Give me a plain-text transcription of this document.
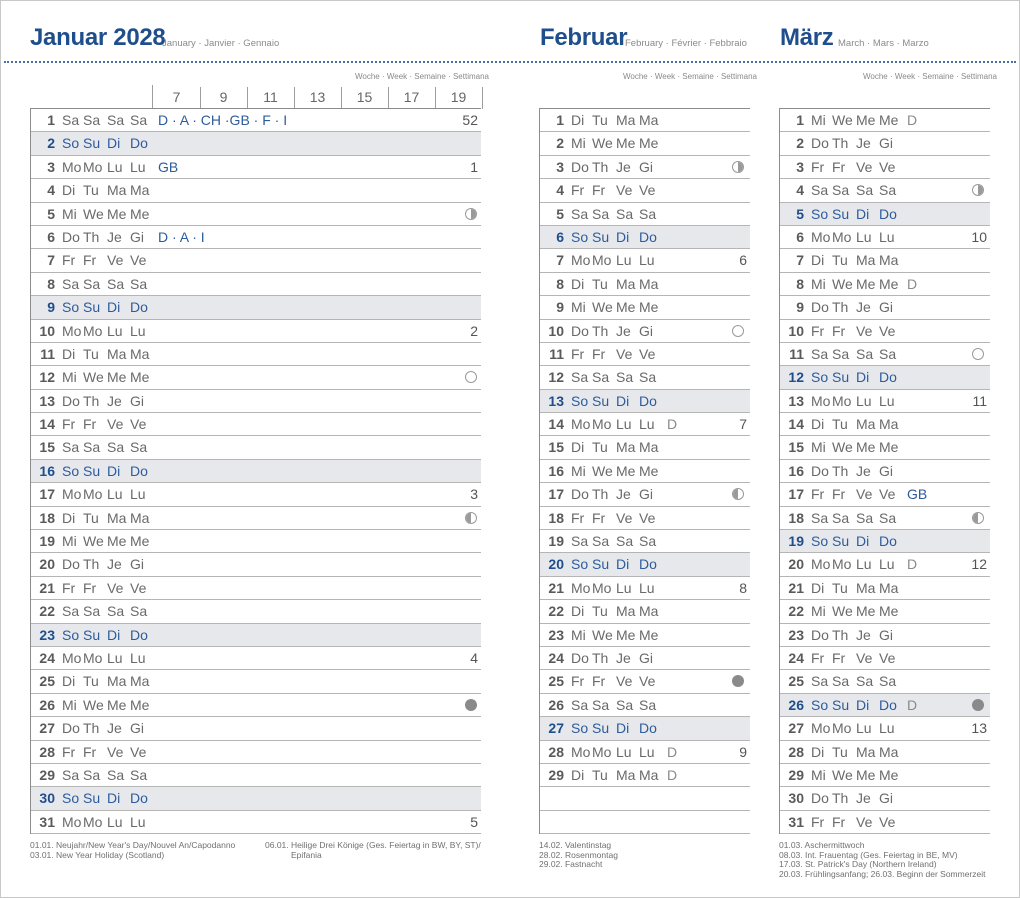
Januar 2028
January · Janvier · Gennaio	Februar
February · Février · Febbraio März March · Mars · Marzo
Woche · Week · Semaine · Settimana	Woche · Week · Semaine · Settimana	Woche · Week · Semaine · Settimana
7	9	11	13	15	17	19
1 Sa Sa Sa Sa D · A · CH ·GB · F · I	52
2 So Su Di Do
3 Mo Mo Lu Lu GB	1
4 Di Tu Ma Ma
5 Mi We Me Me
6 Do Th Je Gi D · A · I
7 Fr Fr Ve Ve
8 Sa Sa Sa Sa
9 So Su Di Do
10 Mo Mo Lu Lu	2
11 Di Tu Ma Ma
12 Mi We Me Me
13 Do Th Je Gi
14 Fr Fr Ve Ve
15 Sa Sa Sa Sa
16 So Su Di Do
17 Mo Mo Lu Lu	3
18 Di Tu Ma Ma
19 Mi We Me Me
20 Do Th Je Gi
21 Fr Fr Ve Ve
22 Sa Sa Sa Sa
23 So Su Di Do
24 Mo Mo Lu Lu	4
25 Di Tu Ma Ma
26 Mi We Me Me
27 Do Th Je Gi
28 Fr Fr Ve Ve
29 Sa Sa Sa Sa
30 So Su Di Do
31 Mo Mo Lu Lu	5
1 Di Tu Ma Ma
2 Mi We Me Me
3 Do Th Je Gi
4 Fr Fr Ve Ve
5 Sa Sa Sa Sa
6 So Su Di Do
7 Mo Mo Lu Lu	6
8 Di Tu Ma Ma
9 Mi We Me Me
10 Do Th Je Gi
11 Fr Fr Ve Ve
12 Sa Sa Sa Sa
13 So Su Di Do
14 Mo Mo Lu Lu D	7
15 Di Tu Ma Ma
16 Mi We Me Me
17 Do Th Je Gi
18 Fr Fr Ve Ve
19 Sa Sa Sa Sa
20 So Su Di Do
21 Mo Mo Lu Lu	8
22 Di Tu Ma Ma
23 Mi We Me Me
24 Do Th Je Gi
25 Fr Fr Ve Ve
26 Sa Sa Sa Sa
27 So Su Di Do
28 Mo Mo Lu Lu D	9
29 Di Tu Ma Ma D
1 Mi We Me Me D
2 Do Th Je Gi
3 Fr Fr Ve Ve
4 Sa Sa Sa Sa
5 So Su Di Do
6 Mo Mo Lu Lu	10
7 Di Tu Ma Ma
8 Mi We Me Me D
9 Do Th Je Gi
10 Fr Fr Ve Ve
11 Sa Sa Sa Sa
12 So Su Di Do
13 Mo Mo Lu Lu	11
14 Di Tu Ma Ma
15 Mi We Me Me
16 Do Th Je Gi
17 Fr Fr Ve Ve GB
18 Sa Sa Sa Sa
19 So Su Di Do
20 Mo Mo Lu Lu D	12
21 Di Tu Ma Ma
22 Mi We Me Me
23 Do Th Je Gi
24 Fr Fr Ve Ve
25 Sa Sa Sa Sa
26 So Su Di Do D
27 Mo Mo Lu Lu	13
28 Di Tu Ma Ma
29 Mi We Me Me
30 Do Th Je Gi
31 Fr Fr Ve Ve
01.01. Neujahr/New Year's Day/Nouvel An/Capodanno
03.01. New Year Holiday (Scotland)
06.01. Heilige Drei Könige (Ges. Feiertag in BW, BY, ST)/
Epifania
14.02. Valentinstag
28.02. Rosenmontag
29.02. Fastnacht
01.03. Aschermittwoch
08.03. Int. Frauentag (Ges. Feiertag in BE, MV)
17.03. St. Patrick's Day (Northern Ireland)
20.03. Frühlingsanfang; 26.03. Beginn der Sommerzeit
